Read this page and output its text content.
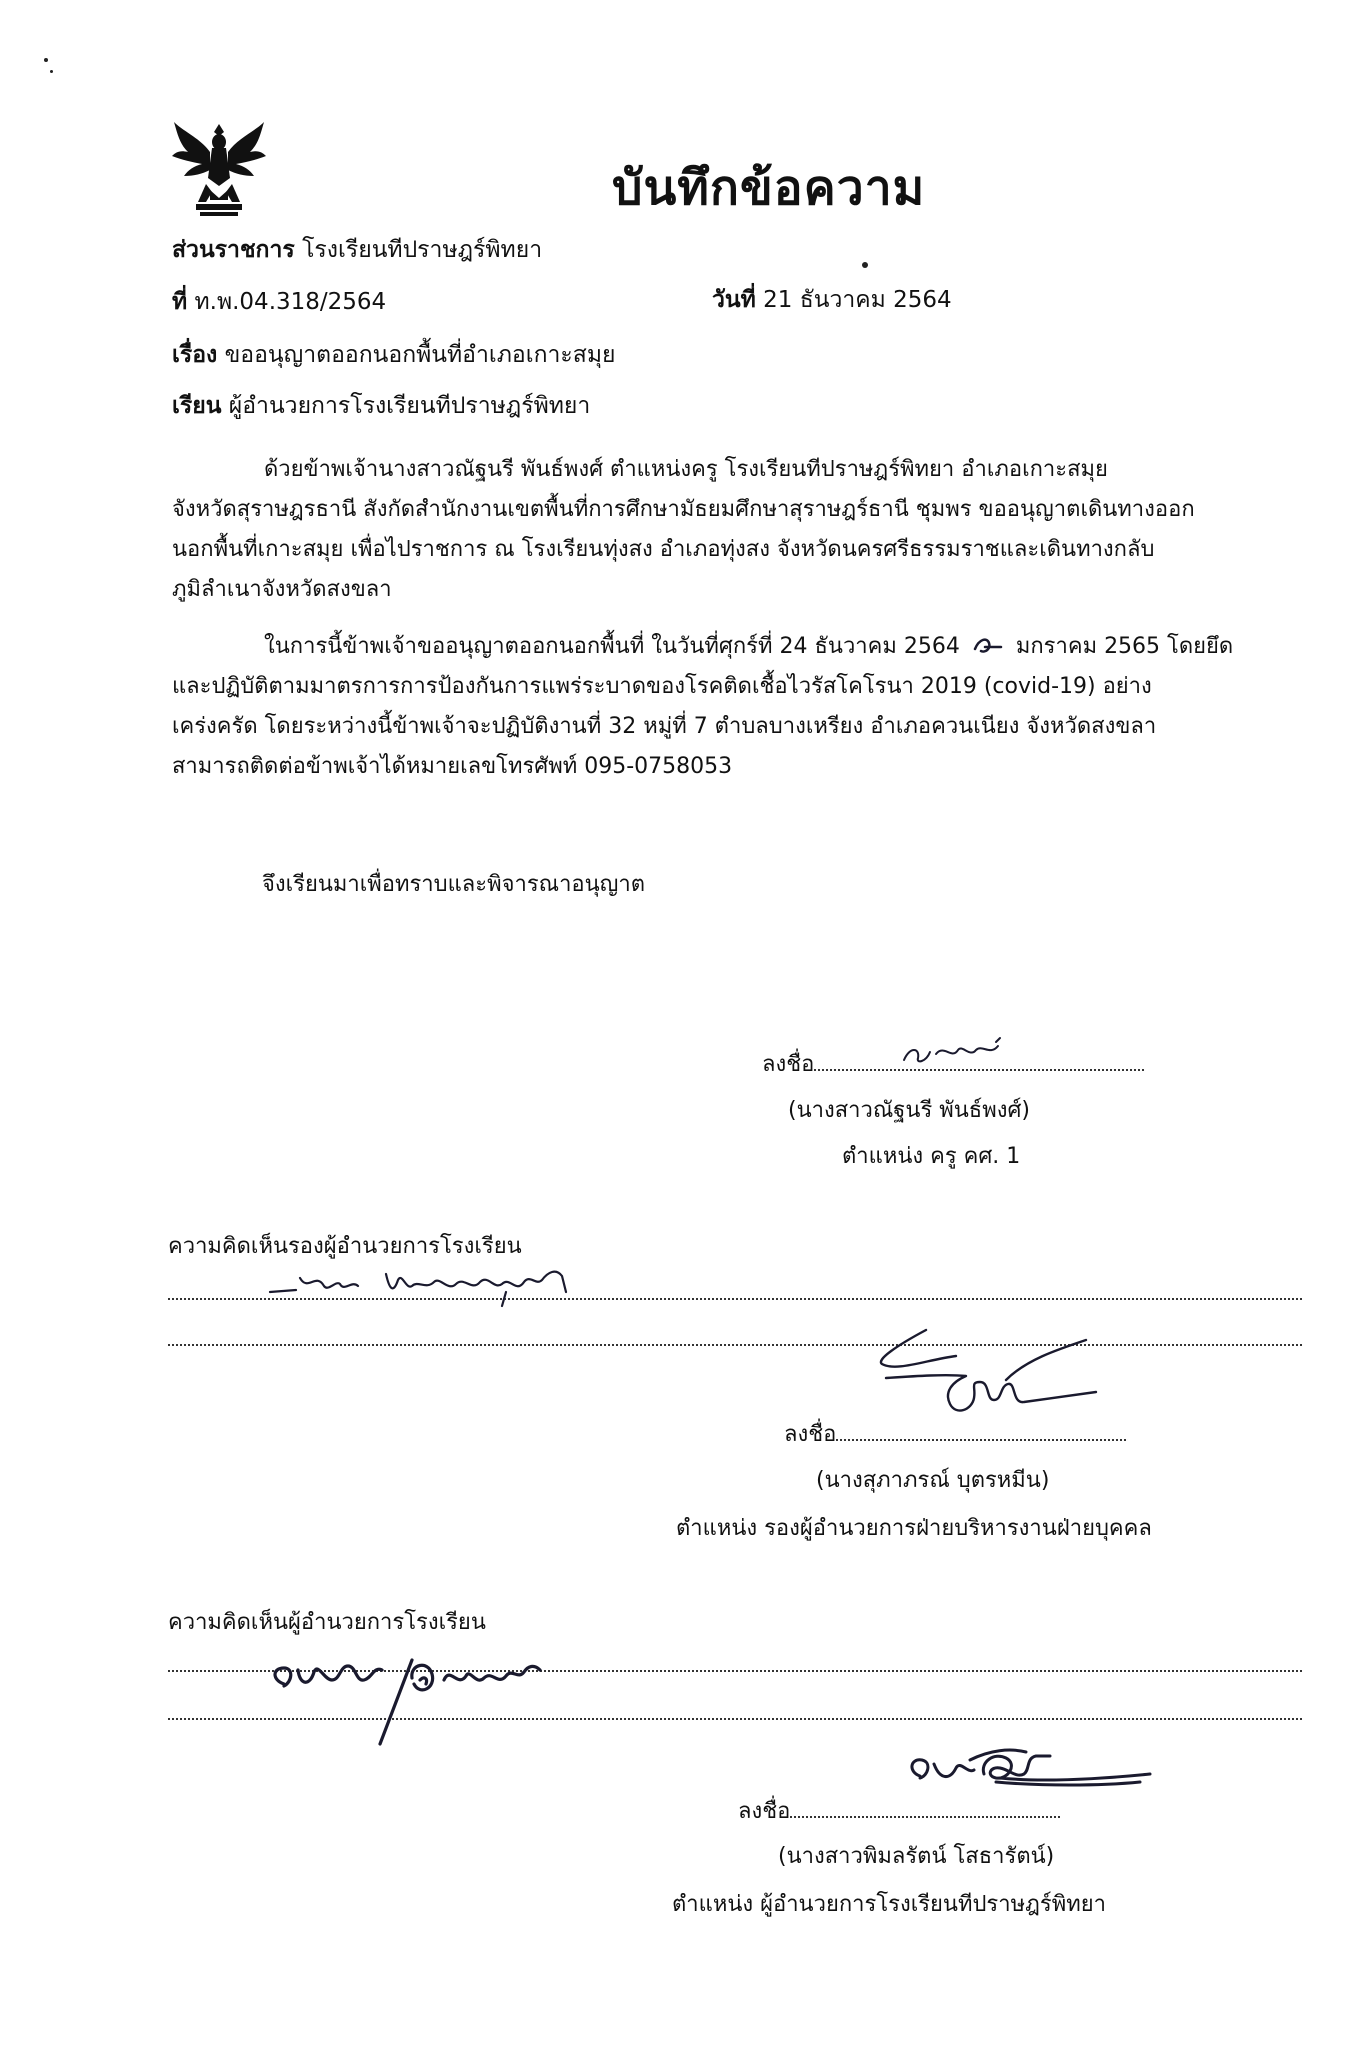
บันทึกข้อความ
ส่วนราชการ โรงเรียนทีปราษฎร์พิทยา
ที่ ท.พ.04.318/2564	วันที่ 21 ธันวาคม 2564
เรื่อง ขออนุญาตออกนอกพื้นที่อำเภอเกาะสมุย
เรียน ผู้อำนวยการโรงเรียนทีปราษฎร์พิทยา
ด้วยข้าพเจ้านางสาวณัฐนรี พันธ์พงศ์ ตำแหน่งครู โรงเรียนทีปราษฎร์พิทยา อำเภอเกาะสมุย
จังหวัดสุราษฎรธานี สังกัดสำนักงานเขตพื้นที่การศึกษามัธยมศึกษาสุราษฎร์ธานี ชุมพร ขออนุญาตเดินทางออก
นอกพื้นที่เกาะสมุย เพื่อไปราชการ ณ โรงเรียนทุ่งสง อำเภอทุ่งสง จังหวัดนครศรีธรรมราชและเดินทางกลับ
ภูมิลำเนาจังหวัดสงขลา
ในการนี้ข้าพเจ้าขออนุญาตออกนอกพื้นที่ ในวันที่ศุกร์ที่ 24 ธันวาคม 2564	มกราคม 2565 โดยยึด
และปฏิบัติตามมาตรการการป้องกันการแพร่ระบาดของโรคติดเชื้อไวรัสโคโรนา 2019 (covid-19) อย่าง
เคร่งครัด โดยระหว่างนี้ข้าพเจ้าจะปฏิบัติงานที่ 32 หมู่ที่ 7 ตำบลบางเหรียง อำเภอควนเนียง จังหวัดสงขลา
สามารถติดต่อข้าพเจ้าได้หมายเลขโทรศัพท์ 095-0758053
จึงเรียนมาเพื่อทราบและพิจารณาอนุญาต
ลงชื่อ
(นางสาวณัฐนรี พันธ์พงศ์)
ตำแหน่ง ครู คศ. 1
ความคิดเห็นรองผู้อำนวยการโรงเรียน
ลงชื่อ
(นางสุภาภรณ์ บุตรหมีน)
ตำแหน่ง รองผู้อำนวยการฝ่ายบริหารงานฝ่ายบุคคล
ความคิดเห็นผู้อำนวยการโรงเรียน
ลงชื่อ
(นางสาวพิมลรัตน์ โสธารัตน์)
ตำแหน่ง ผู้อำนวยการโรงเรียนทีปราษฎร์พิทยา
